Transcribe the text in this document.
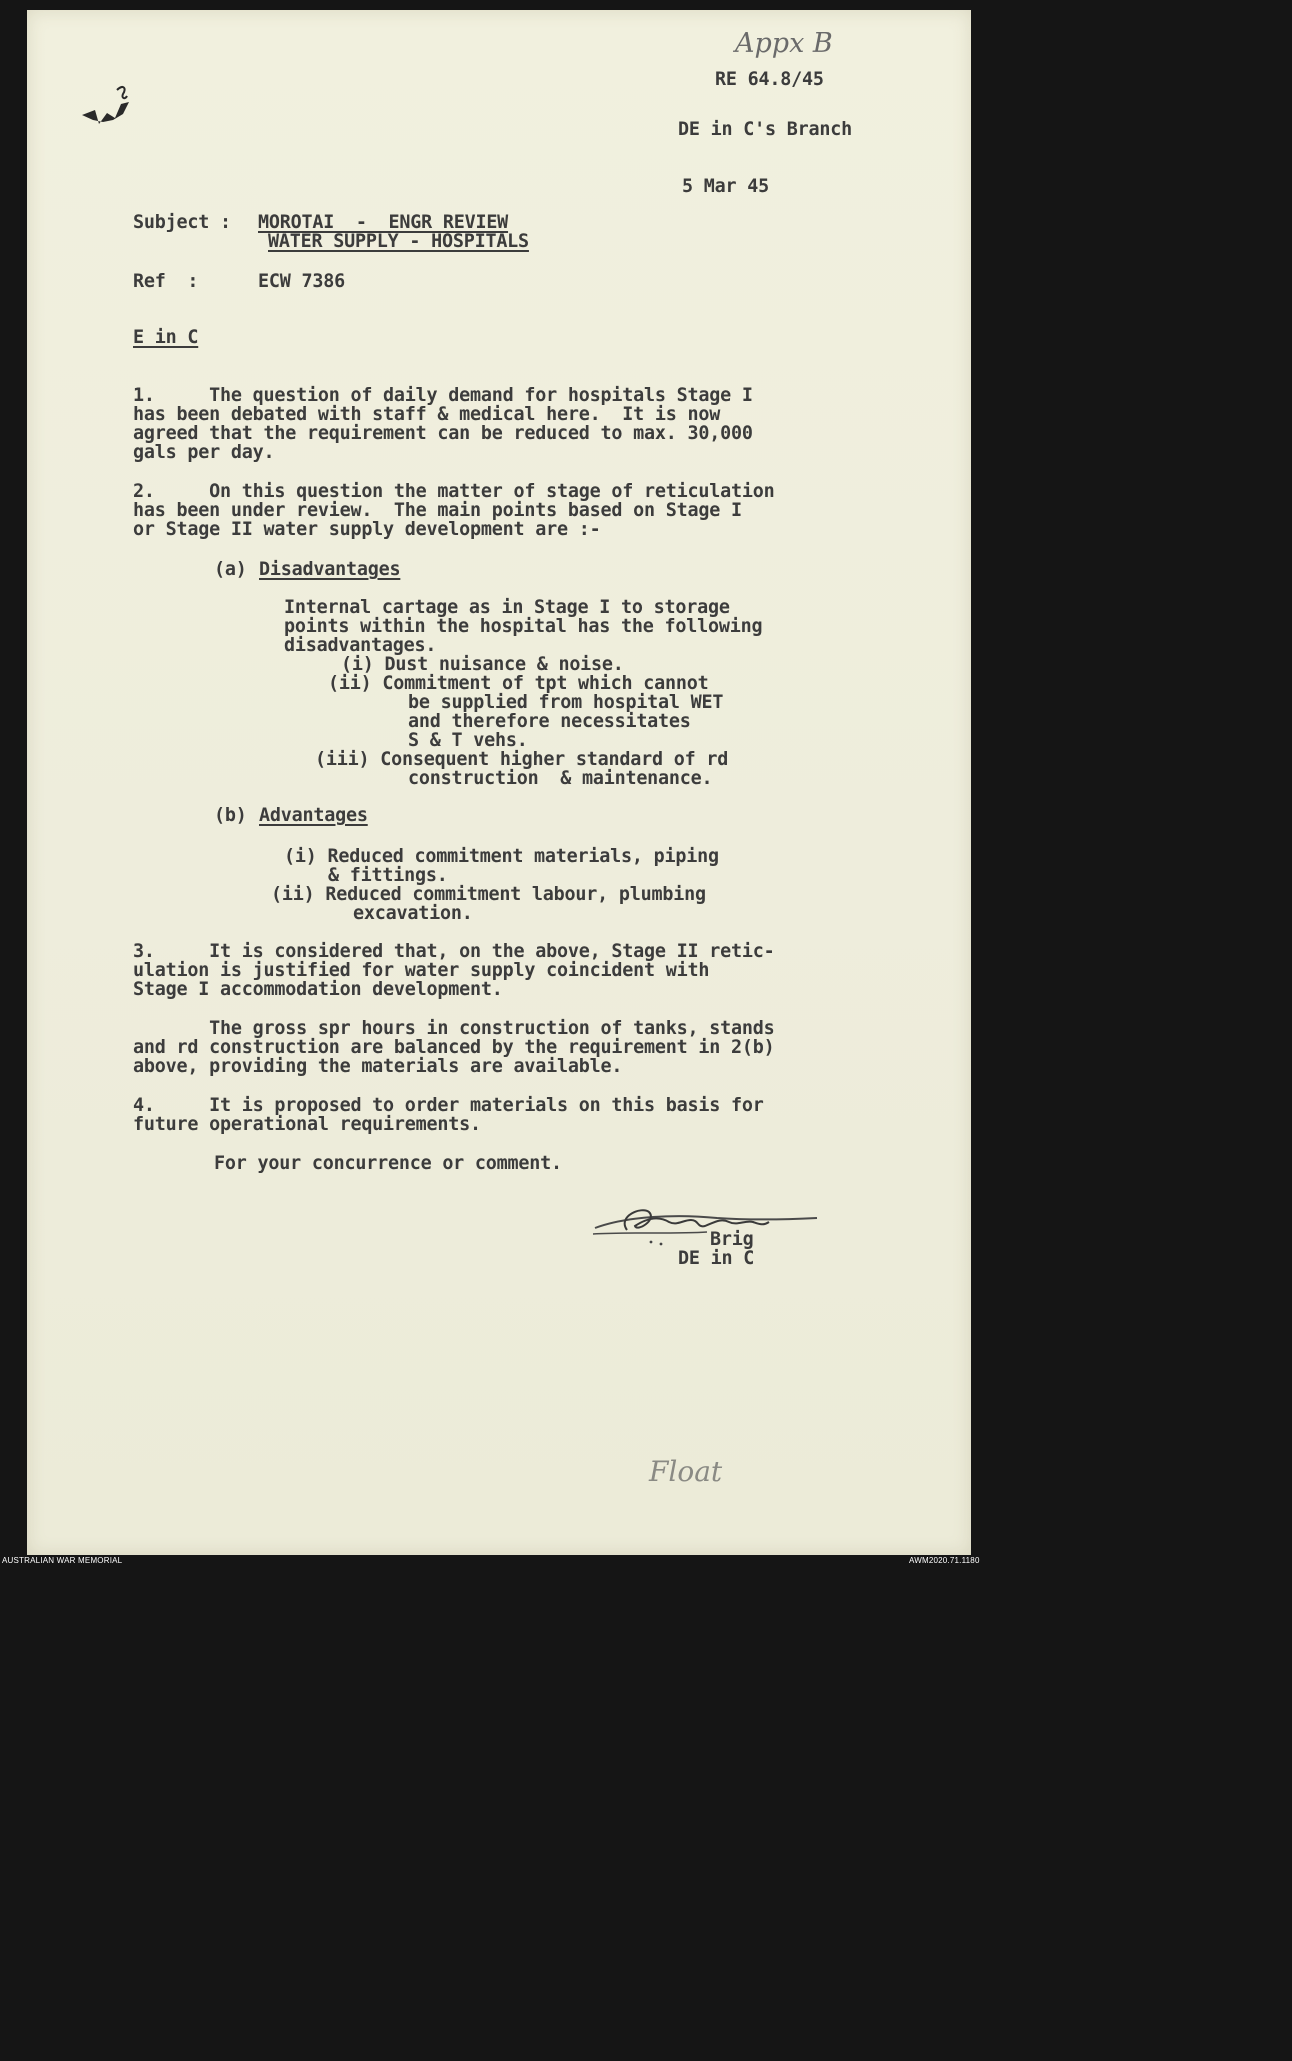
Appx B
RE 64.8/45
DE in C's Branch
5 Mar 45
Subject : MOROTAI  -  ENGR REVIEW
WATER SUPPLY - HOSPITALS
Ref  :	ECW 7386
E in C
1.     The question of daily demand for hospitals Stage I
has been debated with staff & medical here.  It is now
agreed that the requirement can be reduced to max. 30,000
gals per day.
2.     On this question the matter of stage of reticulation
has been under review.  The main points based on Stage I
or Stage II water supply development are :-
(a) Disadvantages
Internal cartage as in Stage I to storage
points within the hospital has the following
disadvantages.
(i) Dust nuisance & noise.
(ii) Commitment of tpt which cannot
be supplied from hospital WET
and therefore necessitates
S & T vehs.
(iii) Consequent higher standard of rd
construction  & maintenance.
(b) Advantages
(i) Reduced commitment materials, piping
& fittings.
(ii) Reduced commitment labour, plumbing
excavation.
3.     It is considered that, on the above, Stage II retic-
ulation is justified for water supply coincident with
Stage I accommodation development.
The gross spr hours in construction of tanks, stands
and rd construction are balanced by the requirement in 2(b)
above, providing the materials are available.
4.     It is proposed to order materials on this basis for
future operational requirements.
For your concurrence or comment.
Brig
DE in C
Float
AUSTRALIAN WAR MEMORIAL	AWM2020.71.1180
